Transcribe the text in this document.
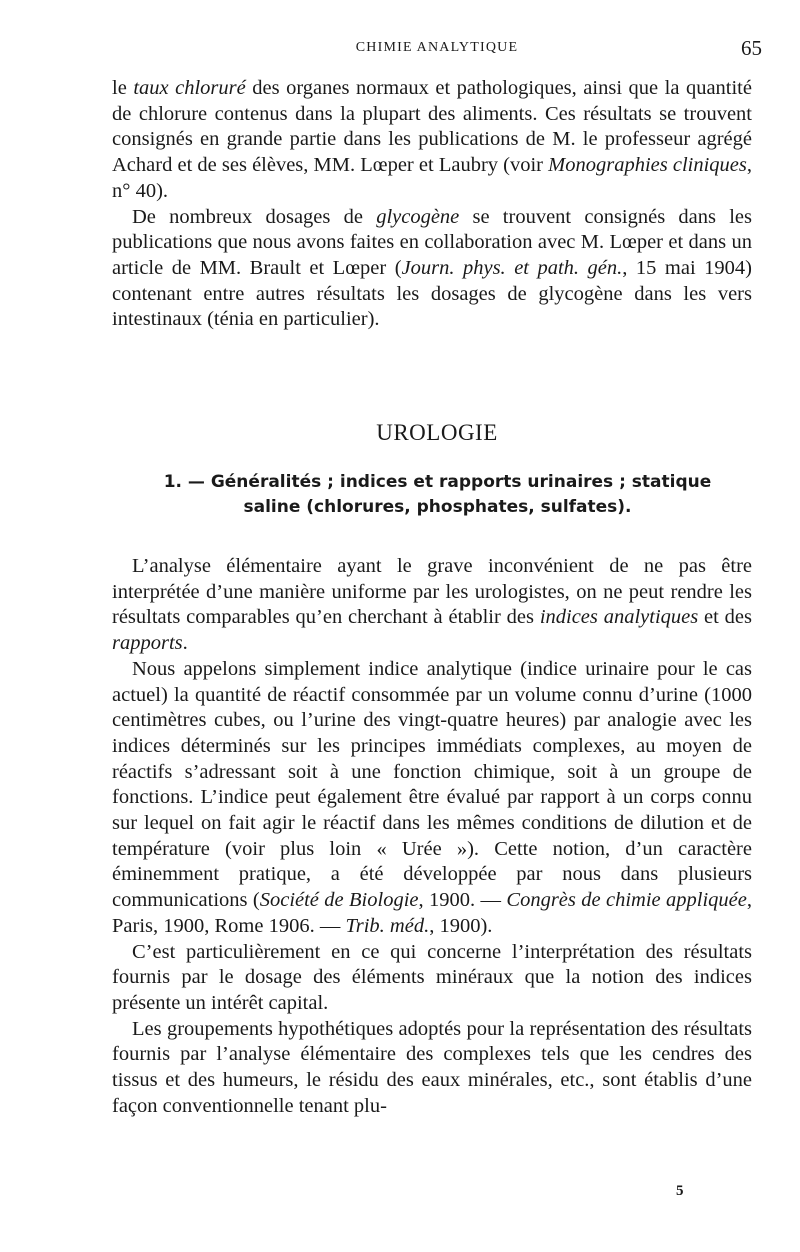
CHIMIE ANALYTIQUE	65

le taux chloruré des organes normaux et pathologiques, ainsi que la quantité de chlorure contenus dans la plupart des aliments. Ces résultats se trouvent consignés en grande partie dans les publications de M. le professeur agrégé Achard et de ses élèves, MM. Lœper et Laubry (voir Monographies cliniques, n° 40).

De nombreux dosages de glycogène se trouvent consignés dans les publications que nous avons faites en collaboration avec M. Lœper et dans un article de MM. Brault et Lœper (Journ. phys. et path. gén., 15 mai 1904) contenant entre autres résultats les dosages de glycogène dans les vers intestinaux (ténia en particulier).

UROLOGIE
1. — Généralités ; indices et rapports urinaires ; statique saline (chlorures, phosphates, sulfates).

L’analyse élémentaire ayant le grave inconvénient de ne pas être interprétée d’une manière uniforme par les urologistes, on ne peut rendre les résultats comparables qu’en cherchant à établir des indices analytiques et des rapports.

Nous appelons simplement indice analytique (indice urinaire pour le cas actuel) la quantité de réactif consommée par un volume connu d’urine (1000 centimètres cubes, ou l’urine des vingt-quatre heures) par analogie avec les indices déterminés sur les principes immédiats complexes, au moyen de réactifs s’adressant soit à une fonction chimique, soit à un groupe de fonctions. L’indice peut également être évalué par rapport à un corps connu sur lequel on fait agir le réactif dans les mêmes conditions de dilution et de température (voir plus loin « Urée »). Cette notion, d’un caractère éminemment pratique, a été développée par nous dans plusieurs communications (Société de Biologie, 1900. — Congrès de chimie appliquée, Paris, 1900, Rome 1906. — Trib. méd., 1900).

C’est particulièrement en ce qui concerne l’interprétation des résultats fournis par le dosage des éléments minéraux que la notion des indices présente un intérêt capital.

Les groupements hypothétiques adoptés pour la représentation des résultats fournis par l’analyse élémentaire des complexes tels que les cendres des tissus et des humeurs, le résidu des eaux minérales, etc., sont établis d’une façon conventionnelle tenant plu-

5
